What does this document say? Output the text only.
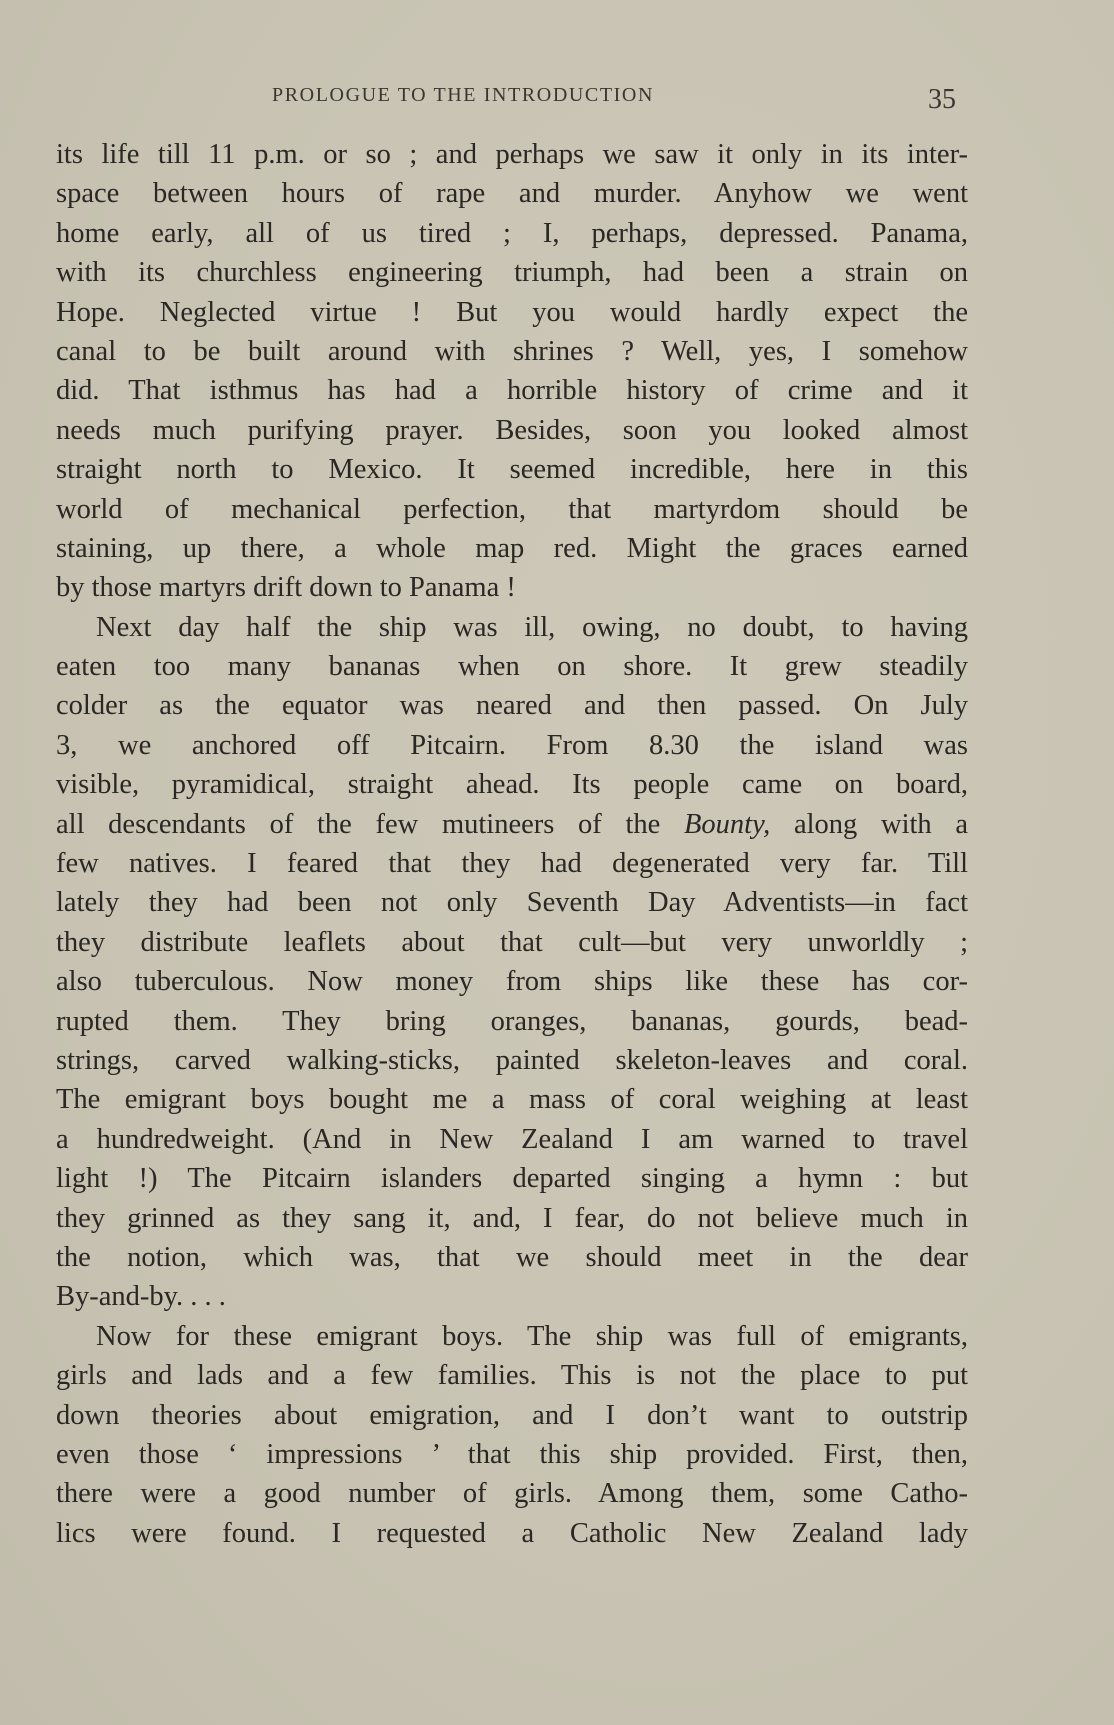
PROLOGUE TO THE INTRODUCTION	35
its life till 11 p.m. or so ; and perhaps we saw it only in its inter-
space between hours of rape and murder. Anyhow we went
home early, all of us tired ; I, perhaps, depressed. Panama,
with its churchless engineering triumph, had been a strain on
Hope. Neglected virtue ! But you would hardly expect the
canal to be built around with shrines ? Well, yes, I somehow
did. That isthmus has had a horrible history of crime and it
needs much purifying prayer. Besides, soon you looked almost
straight north to Mexico. It seemed incredible, here in this
world of mechanical perfection, that martyrdom should be
staining, up there, a whole map red. Might the graces earned
by those martyrs drift down to Panama !
Next day half the ship was ill, owing, no doubt, to having
eaten too many bananas when on shore. It grew steadily
colder as the equator was neared and then passed. On July
3, we anchored off Pitcairn. From 8.30 the island was
visible, pyramidical, straight ahead. Its people came on board,
all descendants of the few mutineers of the Bounty, along with a
few natives. I feared that they had degenerated very far. Till
lately they had been not only Seventh Day Adventists—in fact
they distribute leaflets about that cult—but very unworldly ;
also tuberculous. Now money from ships like these has cor-
rupted them. They bring oranges, bananas, gourds, bead-
strings, carved walking-sticks, painted skeleton-leaves and coral.
The emigrant boys bought me a mass of coral weighing at least
a hundredweight. (And in New Zealand I am warned to travel
light !) The Pitcairn islanders departed singing a hymn : but
they grinned as they sang it, and, I fear, do not believe much in
the notion, which was, that we should meet in the dear
By-and-by. . . .
Now for these emigrant boys. The ship was full of emigrants,
girls and lads and a few families. This is not the place to put
down theories about emigration, and I don’t want to outstrip
even those ‘ impressions ’ that this ship provided. First, then,
there were a good number of girls. Among them, some Catho-
lics were found. I requested a Catholic New Zealand lady
